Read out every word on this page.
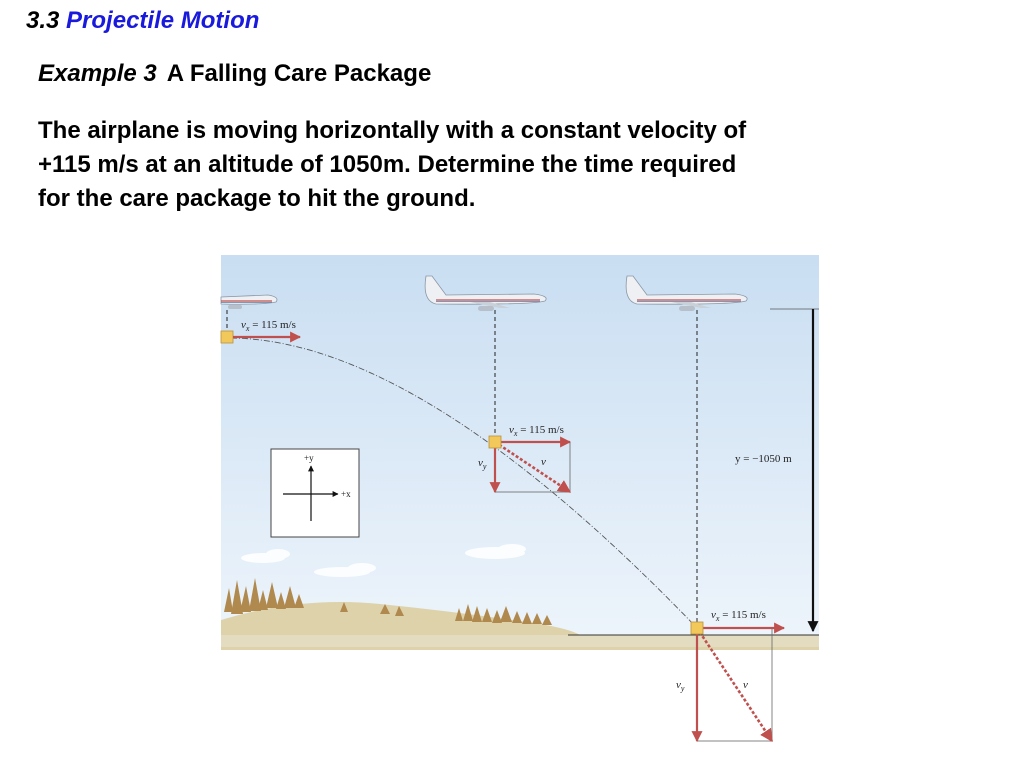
3.3 Projectile Motion
Example 3 A Falling Care Package
The airplane is moving horizontally with a constant velocity of
+115 m/s at an altitude of 1050m. Determine the time required
for the care package to hit the ground.
y = −1050 m
+y
+x
vx = 115 m/s
vx = 115 m/s
vy	v
vx = 115 m/s
vy	v
